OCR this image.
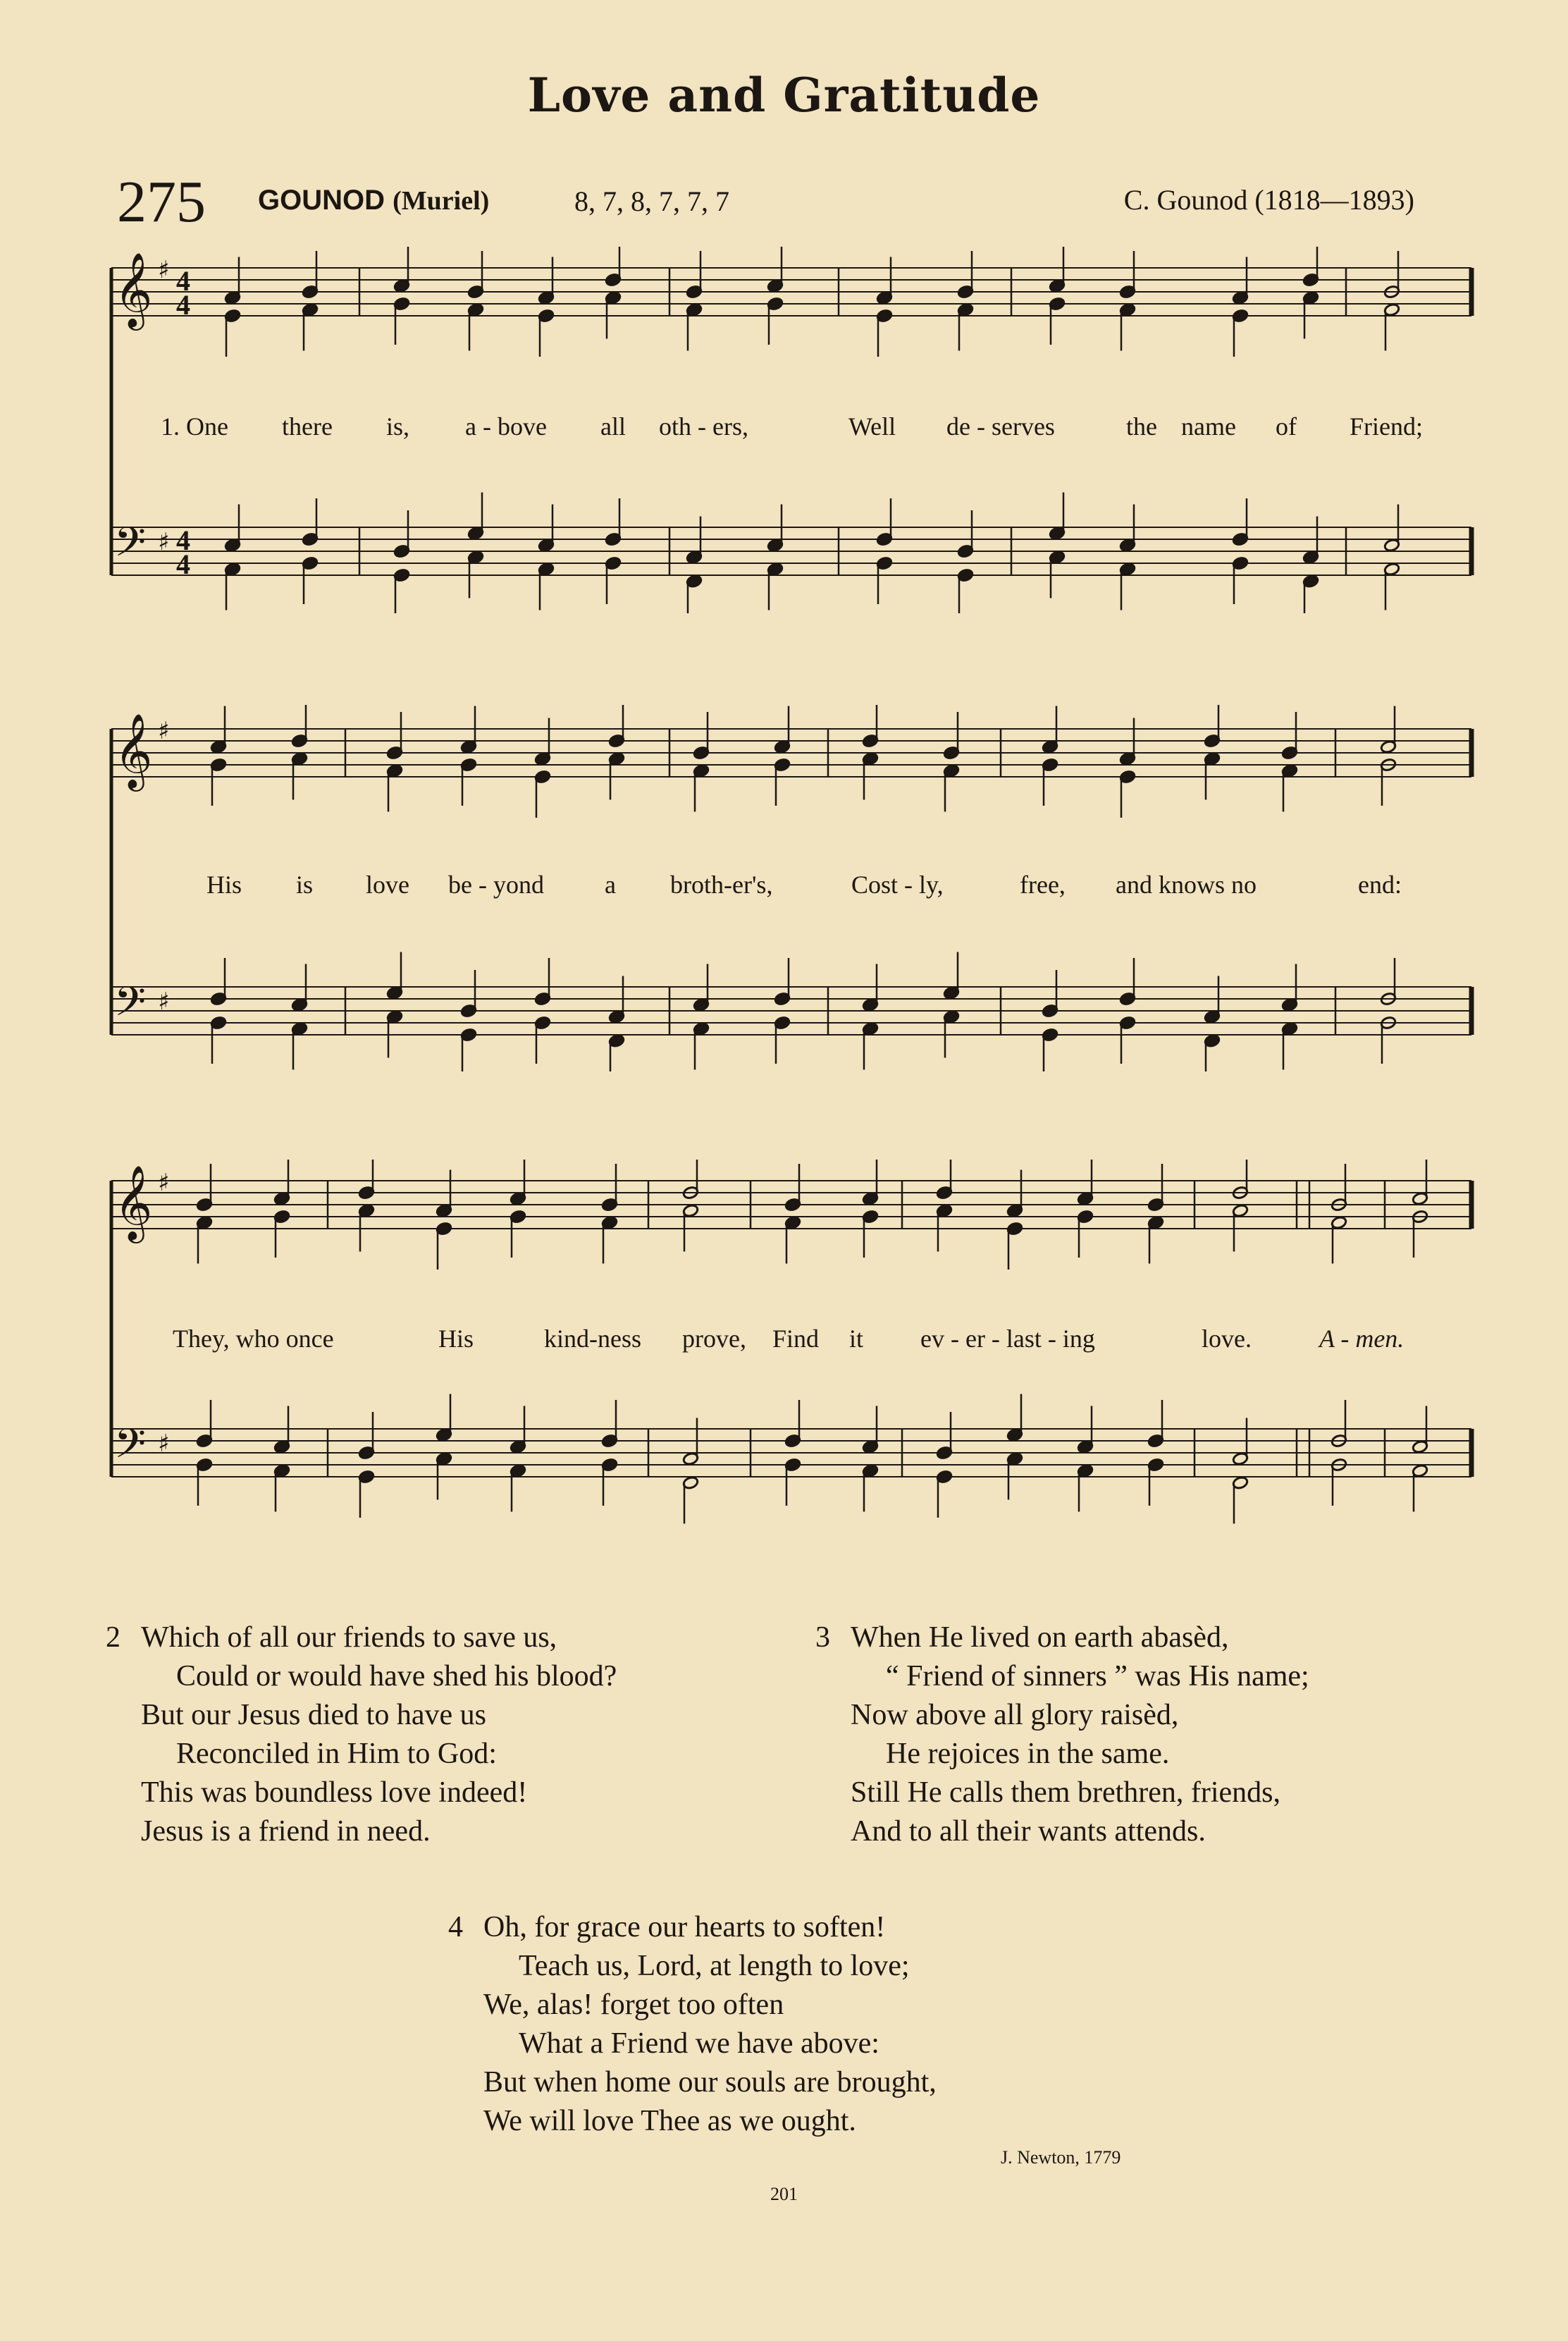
Love and Gratitude
275 GOUNOD (Muriel)	8, 7, 8, 7, 7, 7	C. Gounod (1818—1893)
𝄞 ♯ 4
4
𝄢 ♯ 4
4
𝄞 ♯
𝄢 ♯
𝄞 ♯
𝄢 ♯
1. One there is, a - bove all oth - ers,	Well de - serves	the name of Friend;
His is love be - yond a broth-er's,	Cost - ly,	free, and knows no	end:
They, who once	His	kind-ness prove, Find it ev - er - last - ing	love.	A - men.
2 Which of all our friends to save us,
Could or would have shed his blood?
But our Jesus died to have us
Reconciled in Him to God:
This was boundless love indeed!
Jesus is a friend in need.
3 When He lived on earth abasèd,
“ Friend of sinners ” was His name;
Now above all glory raisèd,
He rejoices in the same.
Still He calls them brethren, friends,
And to all their wants attends.
4 Oh, for grace our hearts to soften!
Teach us, Lord, at length to love;
We, alas! forget too often
What a Friend we have above:
But when home our souls are brought,
We will love Thee as we ought.
J. Newton, 1779
201
